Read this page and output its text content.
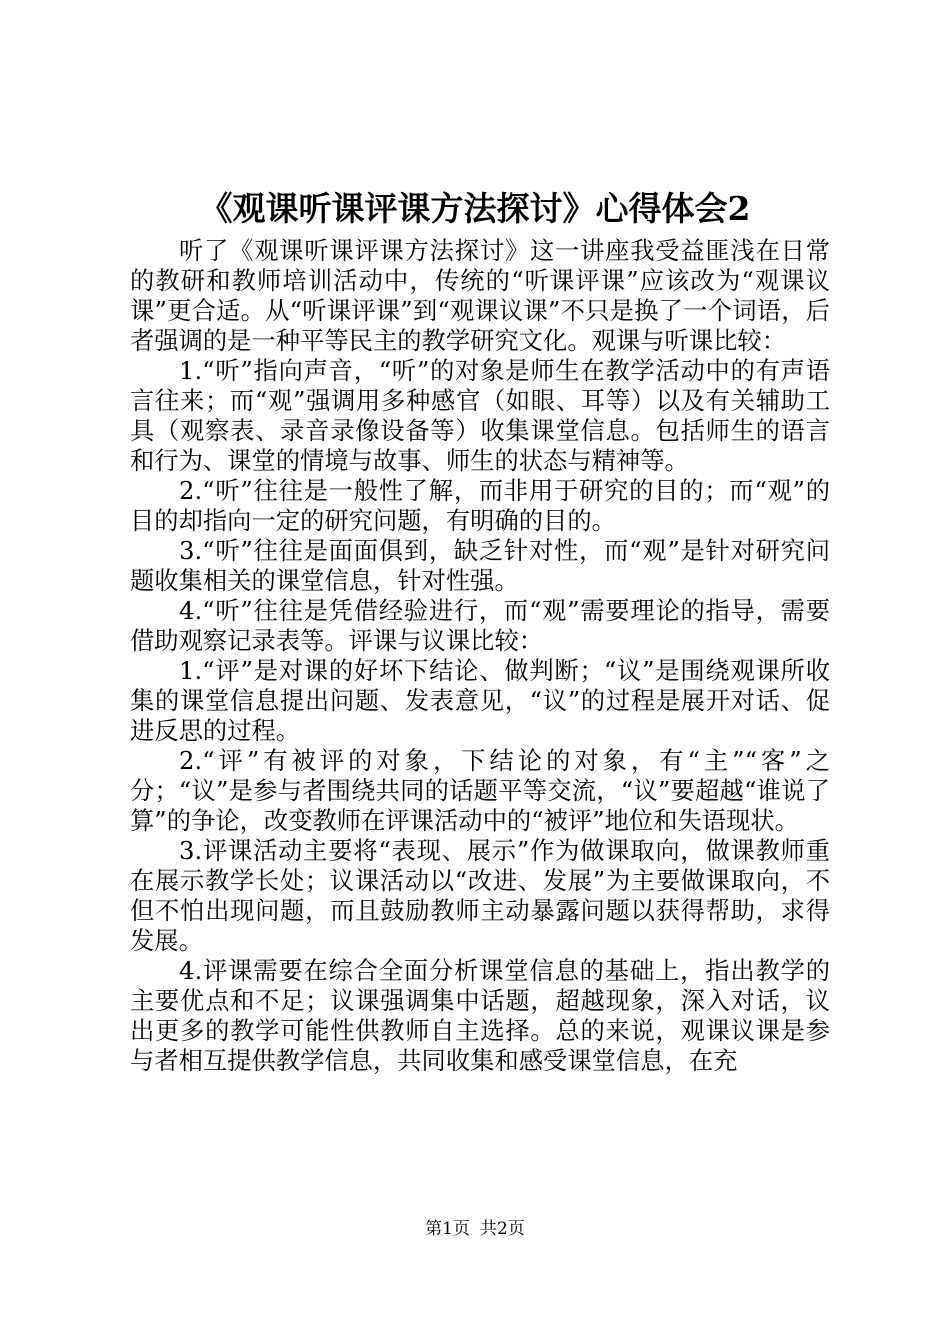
《观课听课评课方法探讨》心得体会2

听了《观课听课评课方法探讨》这一讲座我受益匪浅在日常的教研和教师培训活动中，传统的“听课评课”应该改为“观课议课”更合适。从“听课评课”到“观课议课”不只是换了一个词语，后者强调的是一种平等民主的教学研究文化。观课与听课比较：

1.“听”指向声音，“听”的对象是师生在教学活动中的有声语言往来；而“观”强调用多种感官（如眼、耳等）以及有关辅助工具（观察表、录音录像设备等）收集课堂信息。包括师生的语言和行为、课堂的情境与故事、师生的状态与精神等。

2.“听”往往是一般性了解，而非用于研究的目的；而“观”的目的却指向一定的研究问题，有明确的目的。

3.“听”往往是面面俱到，缺乏针对性，而“观”是针对研究问题收集相关的课堂信息，针对性强。

4.“听”往往是凭借经验进行，而“观”需要理论的指导，需要借助观察记录表等。评课与议课比较：

1.“评”是对课的好坏下结论、做判断；“议”是围绕观课所收集的课堂信息提出问题、发表意见，“议”的过程是展开对话、促进反思的过程。

2.“评”有被评的对象，下结论的对象，有“主”“客”之分；“议”是参与者围绕共同的话题平等交流，“议”要超越“谁说了算”的争论，改变教师在评课活动中的“被评”地位和失语现状。

3.评课活动主要将“表现、展示”作为做课取向，做课教师重在展示教学长处；议课活动以“改进、发展”为主要做课取向，不但不怕出现问题，而且鼓励教师主动暴露问题以获得帮助，求得发展。

4.评课需要在综合全面分析课堂信息的基础上，指出教学的主要优点和不足；议课强调集中话题，超越现象，深入对话，议出更多的教学可能性供教师自主选择。总的来说，观课议课是参与者相互提供教学信息，共同收集和感受课堂信息，在充

第1页 共2页
